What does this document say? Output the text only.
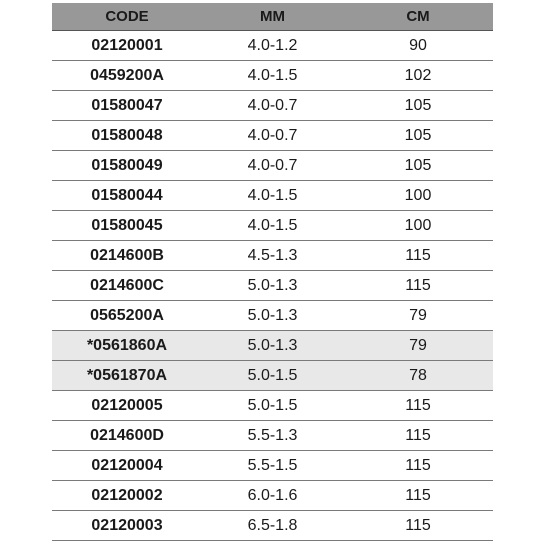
CODE	MM	CM
02120001	4.0-1.2	90
0459200A	4.0-1.5	102
01580047	4.0-0.7	105
01580048	4.0-0.7	105
01580049	4.0-0.7	105
01580044	4.0-1.5	100
01580045	4.0-1.5	100
0214600B	4.5-1.3	115
0214600C	5.0-1.3	115
0565200A	5.0-1.3	79
*0561860A	5.0-1.3	79
*0561870A	5.0-1.5	78
02120005	5.0-1.5	115
0214600D	5.5-1.3	115
02120004	5.5-1.5	115
02120002	6.0-1.6	115
02120003	6.5-1.8	115
